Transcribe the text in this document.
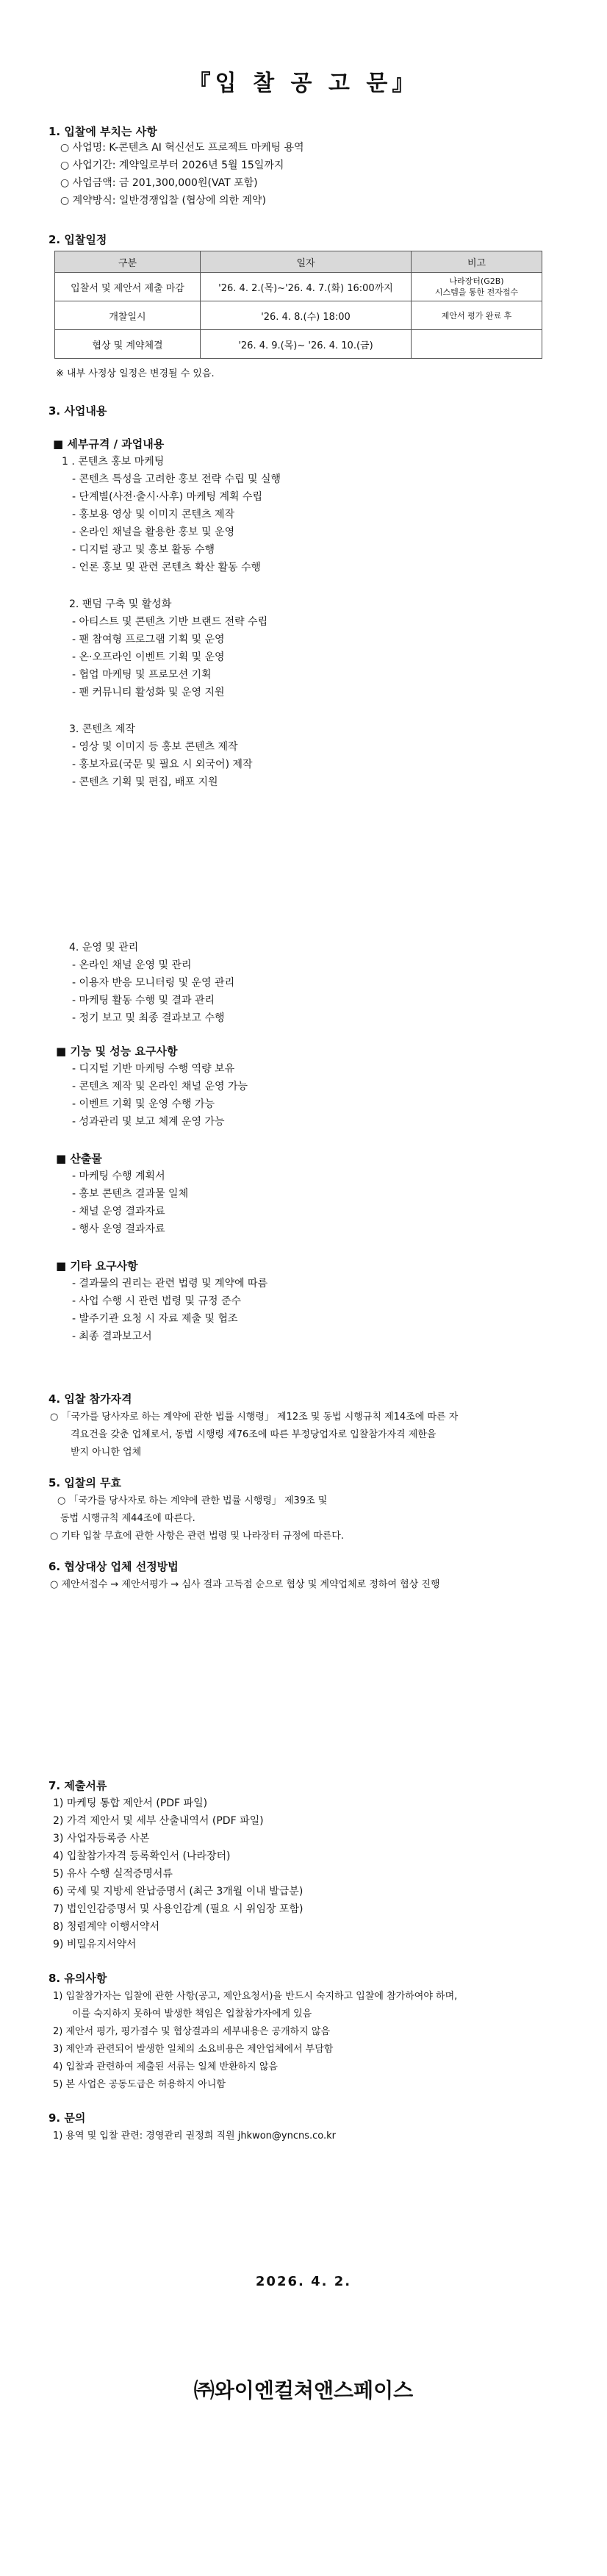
『입 찰 공 고 문』
1. 입찰에 부치는 사항
○ 사업명: K-콘텐츠 AI 혁신선도 프로젝트 마케팅 용역
○ 사업기간: 계약일로부터 2026년 5월 15일까지
○ 사업금액: 금 201,300,000원(VAT 포함)
○ 계약방식: 일반경쟁입찰 (협상에 의한 계약)
2. 입찰일정
구분	일자	비고
입찰서 및 제안서 제출 마감	'26. 4. 2.(목)~'26. 4. 7.(화) 16:00까지	나라장터(G2B)
시스템을 통한 전자접수

개찰일시	'26. 4. 8.(수) 18:00	제안서 평가 완료 후
협상 및 계약체결	'26. 4. 9.(목)~ '26. 4. 10.(금)	
※ 내부 사정상 일정은 변경될 수 있음.
3. 사업내용
■ 세부규격 / 과업내용
1 . 콘텐츠 홍보 마케팅
- 콘텐츠 특성을 고려한 홍보 전략 수립 및 실행
- 단계별(사전·출시·사후) 마케팅 계획 수립
- 홍보용 영상 및 이미지 콘텐츠 제작
- 온라인 채널을 활용한 홍보 및 운영
- 디지털 광고 및 홍보 활동 수행
- 언론 홍보 및 관련 콘텐츠 확산 활동 수행
2. 팬덤 구축 및 활성화
- 아티스트 및 콘텐츠 기반 브랜드 전략 수립
- 팬 참여형 프로그램 기획 및 운영
- 온·오프라인 이벤트 기획 및 운영
- 협업 마케팅 및 프로모션 기획
- 팬 커뮤니티 활성화 및 운영 지원
3. 콘텐츠 제작
- 영상 및 이미지 등 홍보 콘텐츠 제작
- 홍보자료(국문 및 필요 시 외국어) 제작
- 콘텐츠 기획 및 편집, 배포 지원
4. 운영 및 관리
- 온라인 채널 운영 및 관리
- 이용자 반응 모니터링 및 운영 관리
- 마케팅 활동 수행 및 결과 관리
- 정기 보고 및 최종 결과보고 수행
■ 기능 및 성능 요구사항
- 디지털 기반 마케팅 수행 역량 보유
- 콘텐츠 제작 및 온라인 채널 운영 가능
- 이벤트 기획 및 운영 수행 가능
- 성과관리 및 보고 체계 운영 가능
■ 산출물
- 마케팅 수행 계획서
- 홍보 콘텐츠 결과물 일체
- 채널 운영 결과자료
- 행사 운영 결과자료
■ 기타 요구사항
- 결과물의 권리는 관련 법령 및 계약에 따름
- 사업 수행 시 관련 법령 및 규정 준수
- 발주기관 요청 시 자료 제출 및 협조
- 최종 결과보고서
4. 입찰 참가자격
○ 「국가를 당사자로 하는 계약에 관한 법률 시행령」 제12조 및 동법 시행규칙 제14조에 따른 자
격요건을 갖춘 업체로서, 동법 시행령 제76조에 따른 부정당업자로 입찰참가자격 제한을
받지 아니한 업체
5. 입찰의 무효
○ 「국가를 당사자로 하는 계약에 관한 법률 시행령」 제39조 및
동법 시행규칙 제44조에 따른다.
○ 기타 입찰 무효에 관한 사항은 관련 법령 및 나라장터 규정에 따른다.
6. 협상대상 업체 선정방법
○ 제안서접수 → 제안서평가 → 심사 결과 고득점 순으로 협상 및 계약업체로 정하여 협상 진행
7. 제출서류
1) 마케팅 통합 제안서 (PDF 파일)
2) 가격 제안서 및 세부 산출내역서 (PDF 파일)
3) 사업자등록증 사본
4) 입찰참가자격 등록확인서 (나라장터)
5) 유사 수행 실적증명서류
6) 국세 및 지방세 완납증명서 (최근 3개월 이내 발급분)
7) 법인인감증명서 및 사용인감계 (필요 시 위임장 포함)
8) 청렴계약 이행서약서
9) 비밀유지서약서
8. 유의사항
1) 입찰참가자는 입찰에 관한 사항(공고, 제안요청서)을 반드시 숙지하고 입찰에 참가하여야 하며,
이를 숙지하지 못하여 발생한 책임은 입찰참가자에게 있음
2) 제안서 평가, 평가점수 및 협상결과의 세부내용은 공개하지 않음
3) 제안과 관련되어 발생한 일체의 소요비용은 제안업체에서 부담함
4) 입찰과 관련하여 제출된 서류는 일체 반환하지 않음
5) 본 사업은 공동도급은 허용하지 아니함
9. 문의
1) 용역 및 입찰 관련: 경영관리 권정희 직원 jhkwon@yncns.co.kr
2026. 4. 2.
㈜와이엔컬쳐앤스페이스
